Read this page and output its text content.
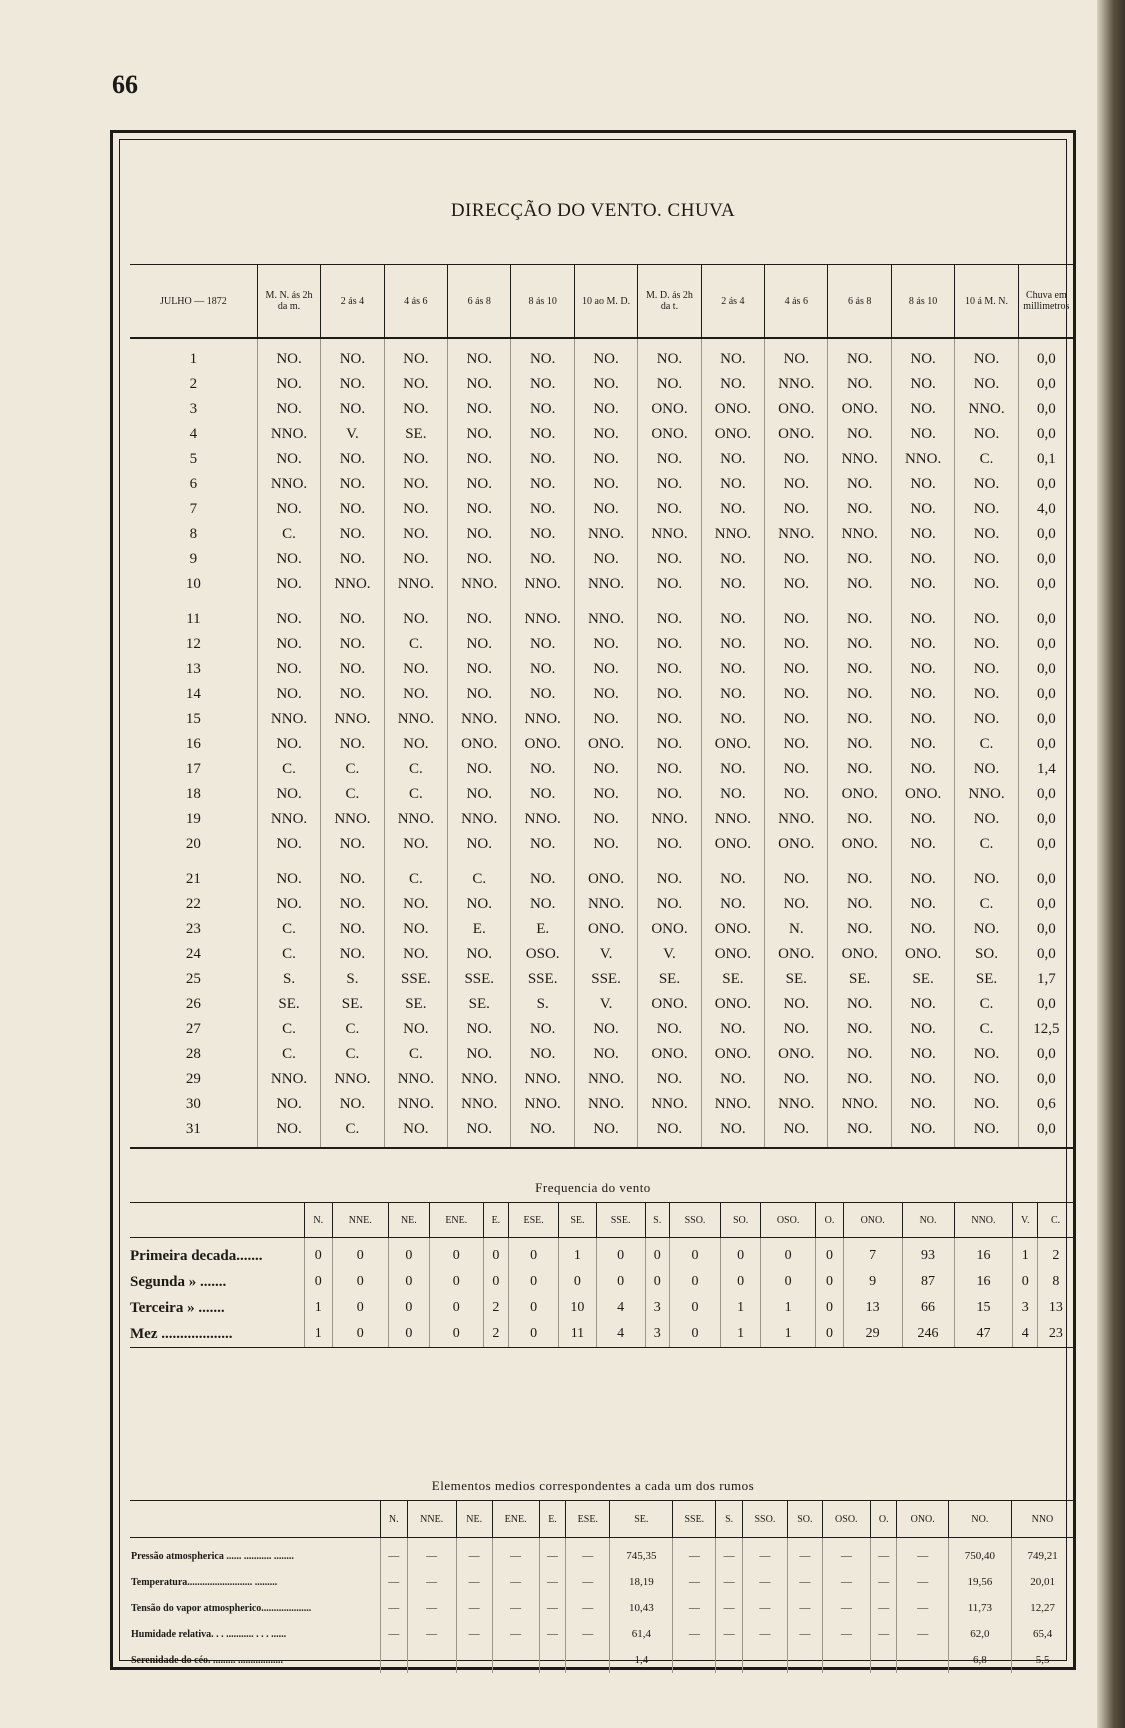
66
DIRECÇÃO DO VENTO. CHUVA
JULHO — 1872	M. N. ás 2h da m.	2 ás 4	4 ás 6	6 ás 8	8 ás 10	10 ao M. D.	M. D. ás 2h da t.	2 ás 4	4 ás 6	6 ás 8	8 ás 10	10 á M. N.	Chuva em millimetros
1	NO.	NO.	NO.	NO.	NO.	NO.	NO.	NO.	NO.	NO.	NO.	NO.	0,0
2	NO.	NO.	NO.	NO.	NO.	NO.	NO.	NO.	NNO.	NO.	NO.	NO.	0,0
3	NO.	NO.	NO.	NO.	NO.	NO.	ONO.	ONO.	ONO.	ONO.	NO.	NNO.	0,0
4	NNO.	V.	SE.	NO.	NO.	NO.	ONO.	ONO.	ONO.	NO.	NO.	NO.	0,0
5	NO.	NO.	NO.	NO.	NO.	NO.	NO.	NO.	NO.	NNO.	NNO.	C.	0,1
6	NNO.	NO.	NO.	NO.	NO.	NO.	NO.	NO.	NO.	NO.	NO.	NO.	0,0
7	NO.	NO.	NO.	NO.	NO.	NO.	NO.	NO.	NO.	NO.	NO.	NO.	4,0
8	C.	NO.	NO.	NO.	NO.	NNO.	NNO.	NNO.	NNO.	NNO.	NO.	NO.	0,0
9	NO.	NO.	NO.	NO.	NO.	NO.	NO.	NO.	NO.	NO.	NO.	NO.	0,0
10	NO.	NNO.	NNO.	NNO.	NNO.	NNO.	NO.	NO.	NO.	NO.	NO.	NO.	0,0
11	NO.	NO.	NO.	NO.	NNO.	NNO.	NO.	NO.	NO.	NO.	NO.	NO.	0,0
12	NO.	NO.	C.	NO.	NO.	NO.	NO.	NO.	NO.	NO.	NO.	NO.	0,0
13	NO.	NO.	NO.	NO.	NO.	NO.	NO.	NO.	NO.	NO.	NO.	NO.	0,0
14	NO.	NO.	NO.	NO.	NO.	NO.	NO.	NO.	NO.	NO.	NO.	NO.	0,0
15	NNO.	NNO.	NNO.	NNO.	NNO.	NO.	NO.	NO.	NO.	NO.	NO.	NO.	0,0
16	NO.	NO.	NO.	ONO.	ONO.	ONO.	NO.	ONO.	NO.	NO.	NO.	C.	0,0
17	C.	C.	C.	NO.	NO.	NO.	NO.	NO.	NO.	NO.	NO.	NO.	1,4
18	NO.	C.	C.	NO.	NO.	NO.	NO.	NO.	NO.	ONO.	ONO.	NNO.	0,0
19	NNO.	NNO.	NNO.	NNO.	NNO.	NO.	NNO.	NNO.	NNO.	NO.	NO.	NO.	0,0
20	NO.	NO.	NO.	NO.	NO.	NO.	NO.	ONO.	ONO.	ONO.	NO.	C.	0,0
21	NO.	NO.	C.	C.	NO.	ONO.	NO.	NO.	NO.	NO.	NO.	NO.	0,0
22	NO.	NO.	NO.	NO.	NO.	NNO.	NO.	NO.	NO.	NO.	NO.	C.	0,0
23	C.	NO.	NO.	E.	E.	ONO.	ONO.	ONO.	N.	NO.	NO.	NO.	0,0
24	C.	NO.	NO.	NO.	OSO.	V.	V.	ONO.	ONO.	ONO.	ONO.	SO.	0,0
25	S.	S.	SSE.	SSE.	SSE.	SSE.	SE.	SE.	SE.	SE.	SE.	SE.	1,7
26	SE.	SE.	SE.	SE.	S.	V.	ONO.	ONO.	NO.	NO.	NO.	C.	0,0
27	C.	C.	NO.	NO.	NO.	NO.	NO.	NO.	NO.	NO.	NO.	C.	12,5
28	C.	C.	C.	NO.	NO.	NO.	ONO.	ONO.	ONO.	NO.	NO.	NO.	0,0
29	NNO.	NNO.	NNO.	NNO.	NNO.	NNO.	NO.	NO.	NO.	NO.	NO.	NO.	0,0
30	NO.	NO.	NNO.	NNO.	NNO.	NNO.	NNO.	NNO.	NNO.	NNO.	NO.	NO.	0,6
31	NO.	C.	NO.	NO.	NO.	NO.	NO.	NO.	NO.	NO.	NO.	NO.	0,0
Frequencia do vento
	N.	NNE.	NE.	ENE.	E.	ESE.	SE.	SSE.	S.	SSO.	SO.	OSO.	O.	ONO.	NO.	NNO.	V.	C.
Primeira decada.......	0	0	0	0	0	0	1	0	0	0	0	0	0	7	93	16	1	2
Segunda » .......	0	0	0	0	0	0	0	0	0	0	0	0	0	9	87	16	0	8
Terceira » .......	1	0	0	0	2	0	10	4	3	0	1	1	0	13	66	15	3	13
Mez ...................	1	0	0	0	2	0	11	4	3	0	1	1	0	29	246	47	4	23
Elementos medios correspondentes a cada um dos rumos
	N.	NNE.	NE.	ENE.	E.	ESE.	SE.	SSE.	S.	SSO.	SO.	OSO.	O.	ONO.	NO.	NNO
Pressão atmospherica ...... ........... ........	—	—	—	—	—	—	745,35	—	—	—	—	—	—	—	750,40	749,21
Temperatura.......................... .........	—	—	—	—	—	—	18,19	—	—	—	—	—	—	—	19,56	20,01
Tensão do vapor atmospherico....................	—	—	—	—	—	—	10,43	—	—	—	—	—	—	—	11,73	12,27
Humidade relativa. . . ........... . . . ......	—	—	—	—	—	—	61,4	—	—	—	—	—	—	—	62,0	65,4
Serenidade do céo. ......... ..................	—	—	—	—	—	—	1,4	—	—	—	—	—	—	—	6,8	5,5
